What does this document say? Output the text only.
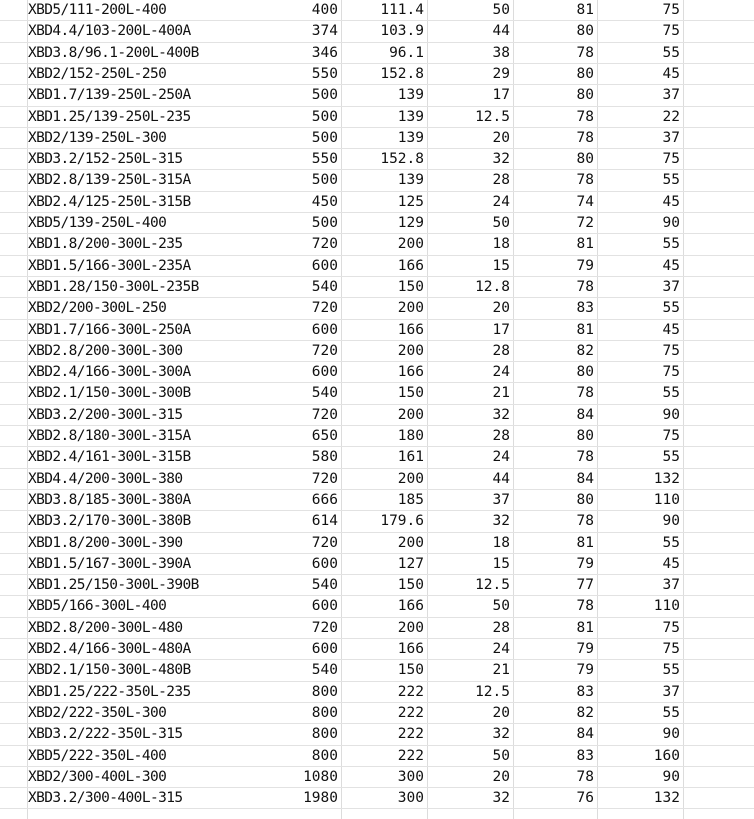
XBD5/111-200L-400	400	111.4	50	81	75
XBD4.4/103-200L-400A	374	103.9	44	80	75
XBD3.8/96.1-200L-400B	346	96.1	38	78	55
XBD2/152-250L-250	550	152.8	29	80	45
XBD1.7/139-250L-250A	500	139	17	80	37
XBD1.25/139-250L-235	500	139	12.5	78	22
XBD2/139-250L-300	500	139	20	78	37
XBD3.2/152-250L-315	550	152.8	32	80	75
XBD2.8/139-250L-315A	500	139	28	78	55
XBD2.4/125-250L-315B	450	125	24	74	45
XBD5/139-250L-400	500	129	50	72	90
XBD1.8/200-300L-235	720	200	18	81	55
XBD1.5/166-300L-235A	600	166	15	79	45
XBD1.28/150-300L-235B	540	150	12.8	78	37
XBD2/200-300L-250	720	200	20	83	55
XBD1.7/166-300L-250A	600	166	17	81	45
XBD2.8/200-300L-300	720	200	28	82	75
XBD2.4/166-300L-300A	600	166	24	80	75
XBD2.1/150-300L-300B	540	150	21	78	55
XBD3.2/200-300L-315	720	200	32	84	90
XBD2.8/180-300L-315A	650	180	28	80	75
XBD2.4/161-300L-315B	580	161	24	78	55
XBD4.4/200-300L-380	720	200	44	84	132
XBD3.8/185-300L-380A	666	185	37	80	110
XBD3.2/170-300L-380B	614	179.6	32	78	90
XBD1.8/200-300L-390	720	200	18	81	55
XBD1.5/167-300L-390A	600	127	15	79	45
XBD1.25/150-300L-390B	540	150	12.5	77	37
XBD5/166-300L-400	600	166	50	78	110
XBD2.8/200-300L-480	720	200	28	81	75
XBD2.4/166-300L-480A	600	166	24	79	75
XBD2.1/150-300L-480B	540	150	21	79	55
XBD1.25/222-350L-235	800	222	12.5	83	37
XBD2/222-350L-300	800	222	20	82	55
XBD3.2/222-350L-315	800	222	32	84	90
XBD5/222-350L-400	800	222	50	83	160
XBD2/300-400L-300	1080	300	20	78	90
XBD3.2/300-400L-315	1980	300	32	76	132
